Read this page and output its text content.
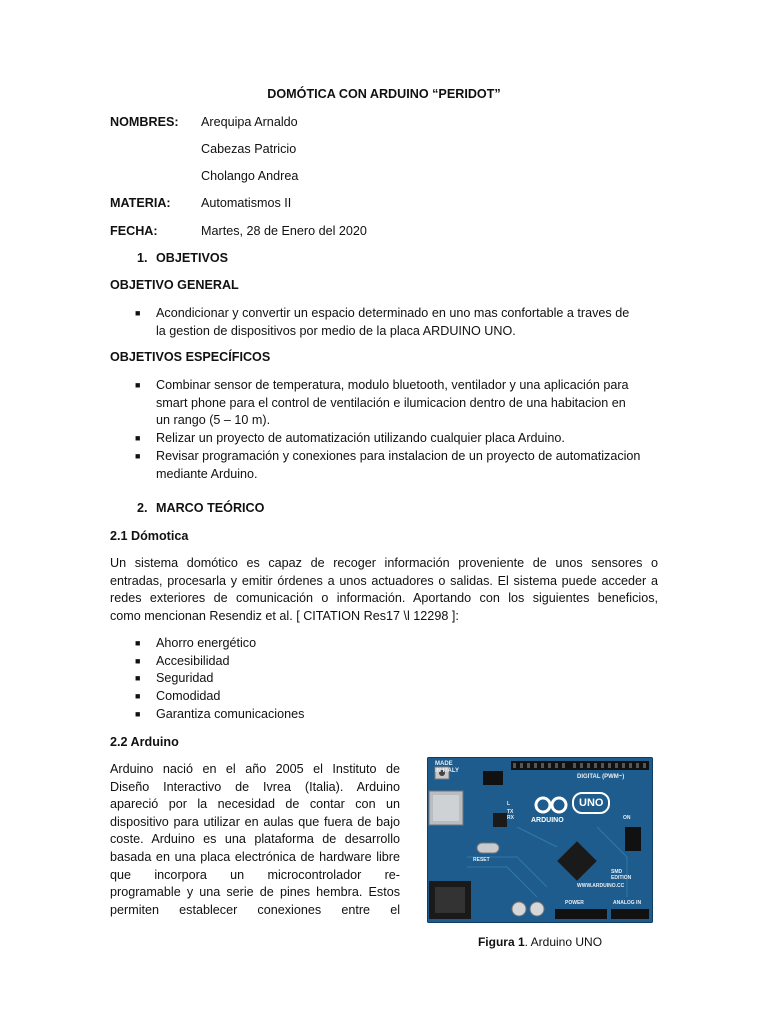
DOMÓTICA CON ARDUINO “PERIDOT”
NOMBRES: Arequipa Arnaldo
Cabezas Patricio
Cholango Andrea
MATERIA: Automatismos II
FECHA:	Martes, 28 de Enero del 2020
1. OBJETIVOS
OBJETIVO GENERAL
■ Acondicionar y convertir un espacio determinado en uno mas confortable a traves de
la gestion de dispositivos por medio de la placa ARDUINO UNO.
OBJETIVOS ESPECÍFICOS
■ Combinar sensor de temperatura, modulo bluetooth, ventilador y una aplicación para
smart phone para el control de ventilación e ilumicacion dentro de una habitacion en
un rango (5 – 10 m).
■ Relizar un proyecto de automatización utilizando cualquier placa Arduino.
■ Revisar programación y conexiones para instalacion de un proyecto de automatizacion
mediante Arduino.
2. MARCO TEÓRICO
2.1 Dómotica
Un sistema domótico es capaz de recoger información proveniente de unos sensores o
entradas, procesarla y emitir órdenes a unos actuadores o salidas. El sistema puede acceder a
redes exteriores de comunicación o información. Aportando con los siguientes beneficios,
como mencionan Resendiz et al. [ CITATION Res17 \l 12298 ]:
■ Ahorro energético
■ Accesibilidad
■ Seguridad
■ Comodidad
■ Garantiza comunicaciones
2.2 Arduino
Arduino nació en el año 2005 el Instituto de
Diseño Interactivo de Ivrea (Italia). Arduino
apareció por la necesidad de contar con un
dispositivo para utilizar en aulas que fuera de bajo
coste. Arduino es una plataforma de desarrollo
basada en una placa electrónica de hardware libre
que incorpora un microcontrolador re-
programable y una serie de pines hembra. Estos
permiten establecer conexiones entre el
MADE
IN ITALY
DIGITAL (PWM~)
ARDUINO
UNO
L
TX
RX	ON
SMD
EDITION
RESET
POWER	ANALOG IN
WWW.ARDUINO.CC
Figura 1. Arduino UNO
